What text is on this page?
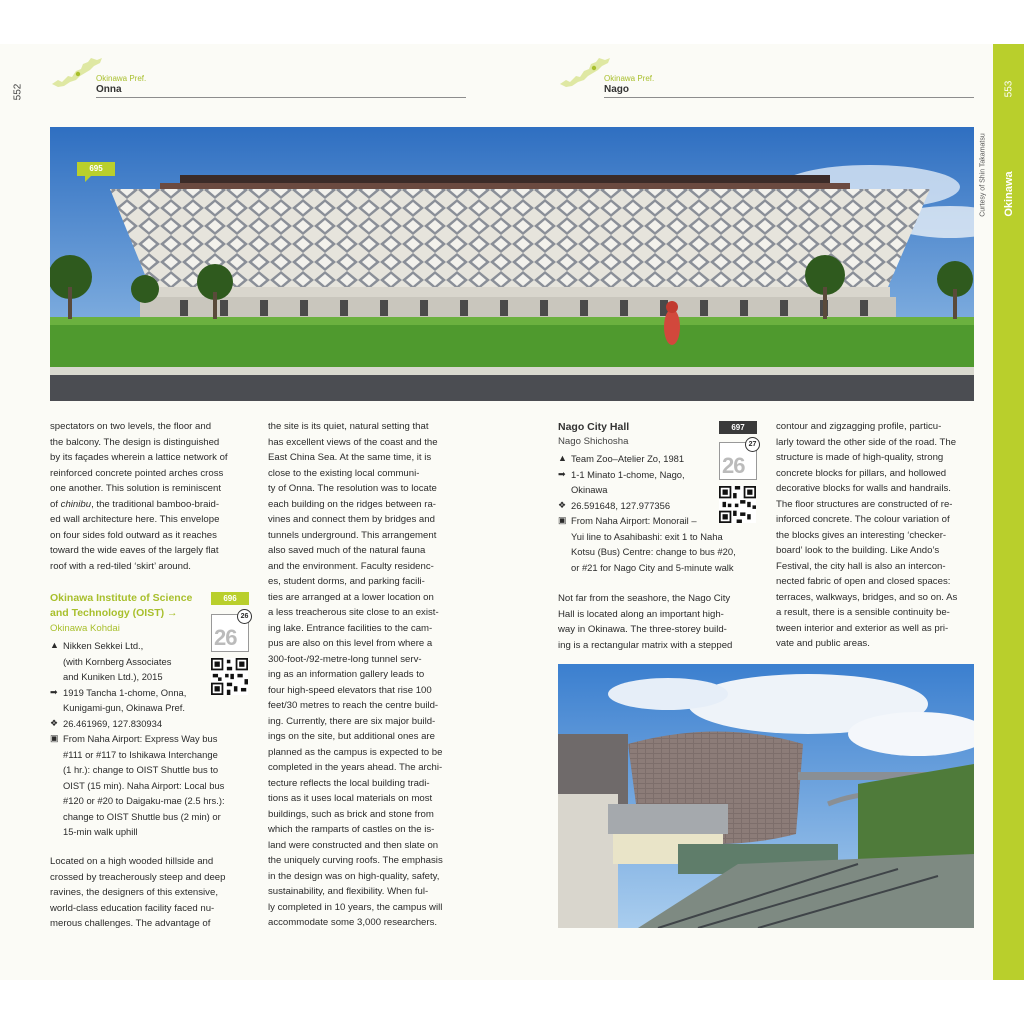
553
Okinawa
552
Curtesy of Shin Takamatsu
Okinawa Pref.
Onna
Okinawa Pref.
Nago
695

spectators on two levels, the floor and

the balcony. The design is distinguished

by its façades wherein a lattice network of

reinforced concrete pointed arches cross

one another. This solution is reminiscent

of chinibu, the traditional bamboo-braid-

ed wall architecture here. This envelope

on four sides fold outward as it reaches

toward the wide eaves of the largely flat

roof with a red-tiled ‘skirt’ around.

Okinawa Institute of Science
and Technology (OIST) →
696
Okinawa Kohdai	26
26
▲ Nikken Sekkei Ltd.,
(with Kornberg Associates
and Kuniken Ltd.), 2015
➡ 1919 Tancha 1-chome, Onna,
Kunigami-gun, Okinawa Pref.
❖ 26.461969, 127.830934
▣ From Naha Airport: Express Way bus
#111 or #117 to Ishikawa Interchange
(1 hr.): change to OIST Shuttle bus to
OIST (15 min). Naha Airport: Local bus
#120 or #20 to Daigaku-mae (2.5 hrs.):
change to OIST Shuttle bus (2 min) or
15-min walk uphill

Located on a high wooded hillside and

crossed by treacherously steep and deep

ravines, the designers of this extensive,

world-class education facility faced nu-

merous challenges. The advantage of

the site is its quiet, natural setting that

has excellent views of the coast and the

East China Sea. At the same time, it is

close to the existing local communi-

ty of Onna. The resolution was to locate

each building on the ridges between ra-

vines and connect them by bridges and

tunnels underground. This arrangement

also saved much of the natural fauna

and the environment. Faculty residenc-

es, student dorms, and parking facili-

ties are arranged at a lower location on

a less treacherous site close to an exist-

ing lake. Entrance facilities to the cam-

pus are also on this level from where a

300-foot-/92-metre-long tunnel serv-

ing as an information gallery leads to

four high-speed elevators that rise 100

feet/30 metres to reach the centre build-

ing. Currently, there are six major build-

ings on the site, but additional ones are

planned as the campus is expected to be

completed in the years ahead. The archi-

tecture reflects the local building tradi-

tions as it uses local materials on most

buildings, such as brick and stone from

which the ramparts of castles on the is-

land were constructed and then slate on

the uniquely curving roofs. The emphasis

in the design was on high-quality, safety,

sustainability, and flexibility. When ful-

ly completed in 10 years, the campus will

accommodate some 3,000 researchers.

Nago City Hall	697
Nago Shichosha
26
27
▲ Team Zoo–Atelier Zo, 1981
➡ 1-1 Minato 1-chome, Nago,
Okinawa
❖ 26.591648, 127.977356
▣ From Naha Airport: Monorail –
Yui line to Asahibashi: exit 1 to Naha
Kotsu (Bus) Centre: change to bus #20,
or #21 for Nago City and 5-minute walk

Not far from the seashore, the Nago City

Hall is located along an important high-

way in Okinawa. The three-storey build-

ing is a rectangular matrix with a stepped

contour and zigzagging profile, particu-

larly toward the other side of the road. The

structure is made of high-quality, strong

concrete blocks for pillars, and hollowed

decorative blocks for walls and handrails.

The floor structures are constructed of re-

inforced concrete. The colour variation of

the blocks gives an interesting ‘checker-

board’ look to the building. Like Ando’s

Festival, the city hall is also an intercon-

nected fabric of open and closed spaces:

terraces, walkways, bridges, and so on. As

a result, there is a sensible continuity be-

tween interior and exterior as well as pri-

vate and public areas.
